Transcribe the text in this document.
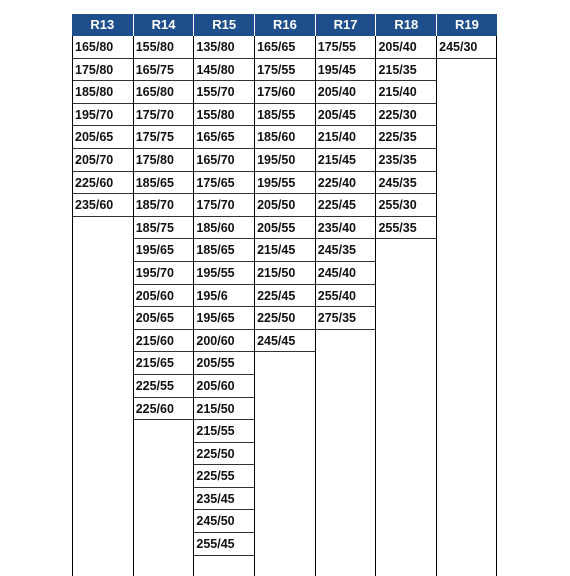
R13
165/80
175/80
185/80
195/70
205/65
205/70
225/60
235/60
R14
155/80
165/75
165/80
175/70
175/75
175/80
185/65
185/70
185/75
195/65
195/70
205/60
205/65
215/60
215/65
225/55
225/60
R15
135/80
145/80
155/70
155/80
165/65
165/70
175/65
175/70
185/60
185/65
195/55
195/6
195/65
200/60
205/55
205/60
215/50
215/55
225/50
225/55
235/45
245/50
255/45
R16
165/65
175/55
175/60
185/55
185/60
195/50
195/55
205/50
205/55
215/45
215/50
225/45
225/50
245/45
R17
175/55
195/45
205/40
205/45
215/40
215/45
225/40
225/45
235/40
245/35
245/40
255/40
275/35
R18
205/40
215/35
215/40
225/30
225/35
235/35
245/35
255/30
255/35
R19
245/30
